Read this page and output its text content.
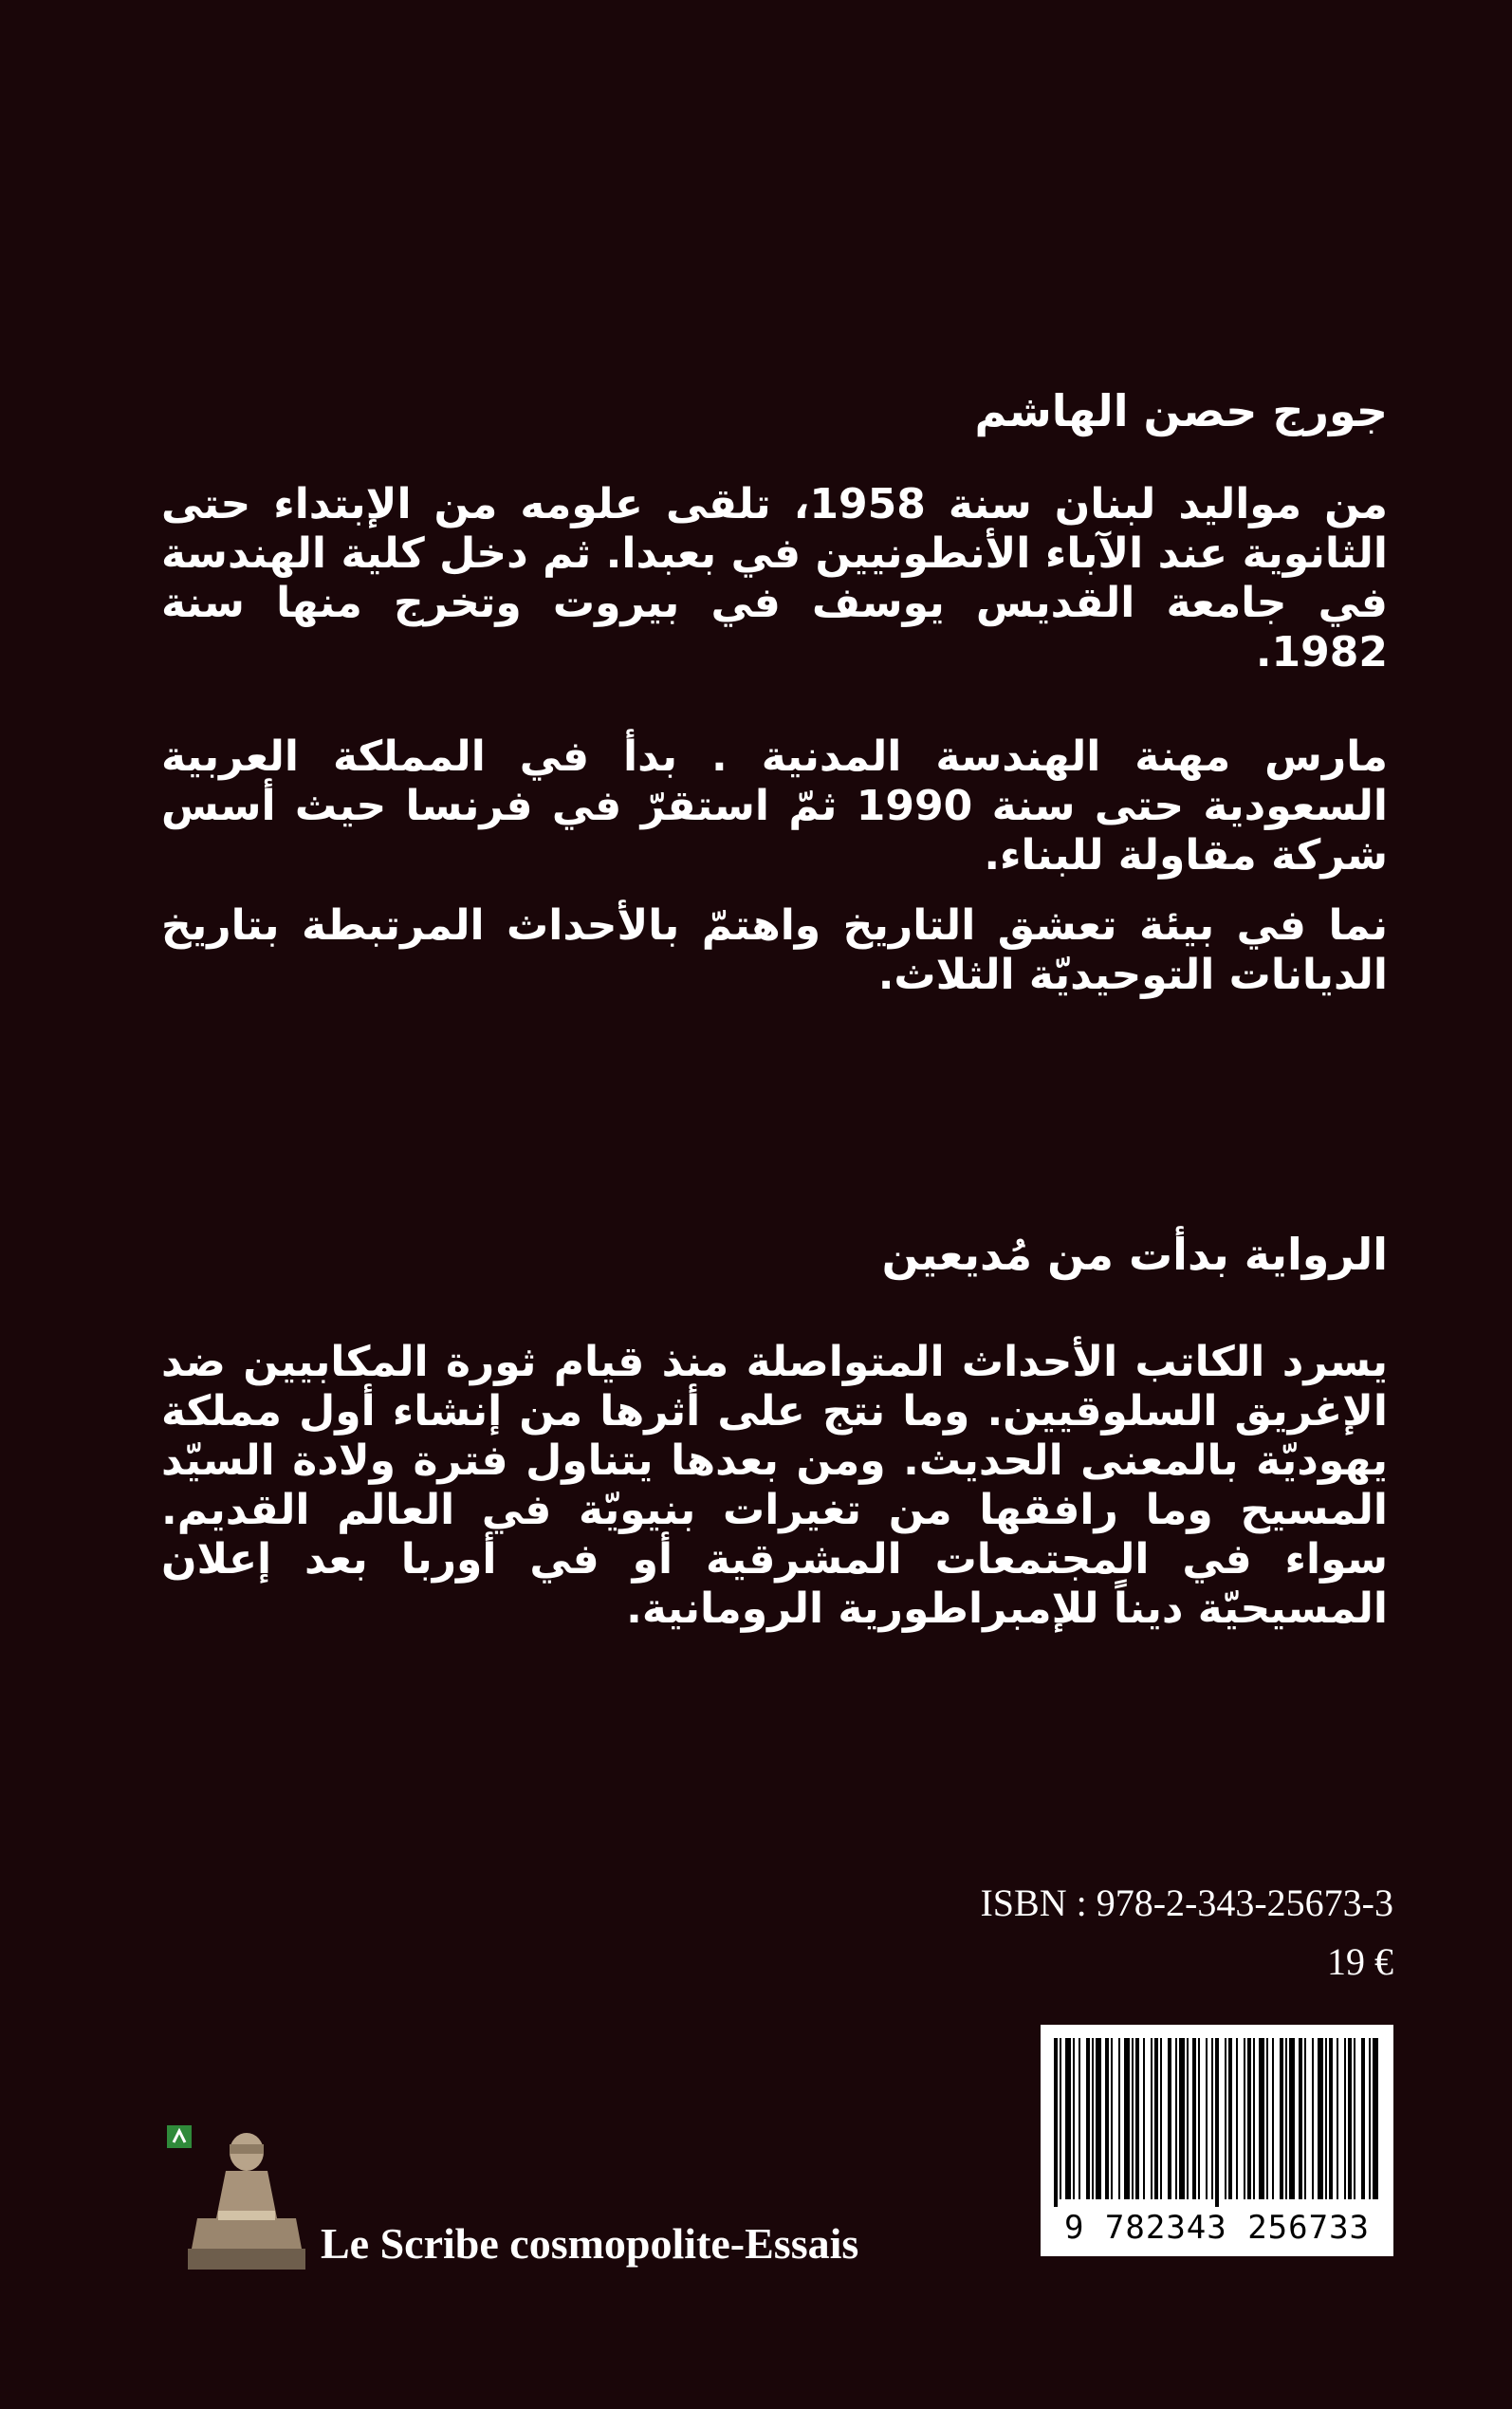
جورج حصن الهاشم

من مواليد لبنان سنة 1958، تلقى علومه من الإبتداء حتى الثانوية عند الآباء الأنطونيين في بعبدا. ثم دخل كلية الهندسة في جامعة القديس يوسف في بيروت وتخرج منها سنة 1982.

مارس مهنة الهندسة المدنية . بدأ في المملكة العربية السعودية حتى سنة 1990 ثمّ استقرّ في فرنسا حيث أسس شركة مقاولة للبناء.

نما في بيئة تعشق التاريخ واهتمّ بالأحداث المرتبطة بتاريخ الديانات التوحيديّة الثلاث.

الرواية بدأت من مُديعين

يسرد الكاتب الأحداث المتواصلة منذ قيام ثورة المكابيين ضد الإغريق السلوقيين. وما نتج على أثرها من إنشاء أول مملكة يهوديّة بالمعنى الحديث. ومن بعدها يتناول فترة ولادة السيّد المسيح وما رافقها من تغيرات بنيويّة في العالم القديم. سواء في المجتمعات المشرقية أو في أوربا بعد إعلان المسيحيّة ديناً للإمبراطورية الرومانية.

ISBN : 978-2-343-25673-3
19 €
9 782343 256733
Le Scribe cosmopolite-Essais
